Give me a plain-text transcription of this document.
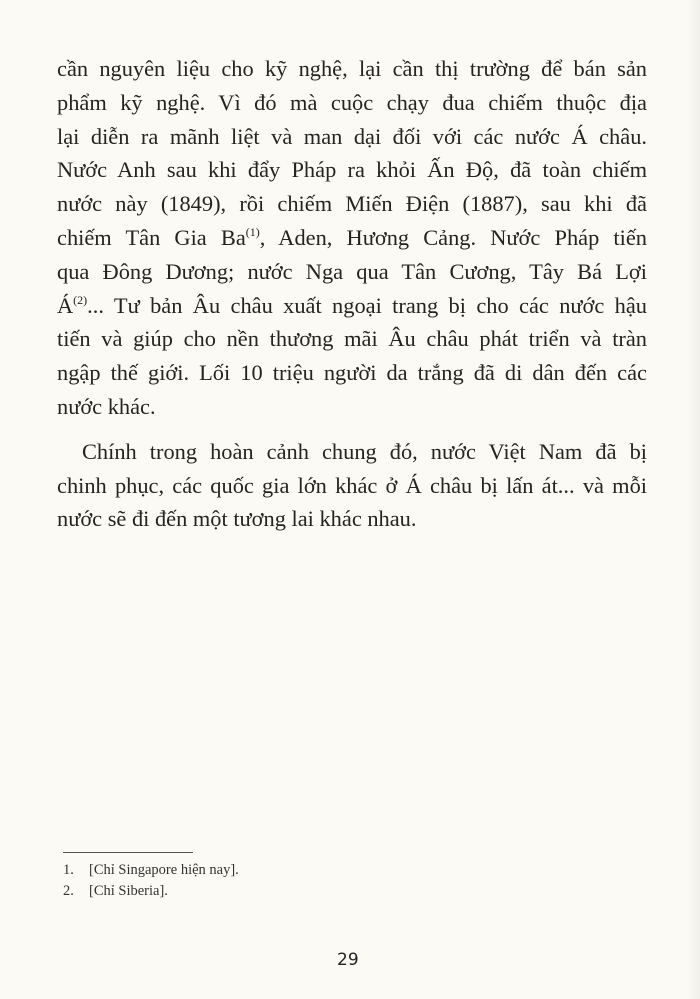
cần nguyên liệu cho kỹ nghệ, lại cần thị trường để bán sản
phẩm kỹ nghệ. Vì đó mà cuộc chạy đua chiếm thuộc địa
lại diễn ra mãnh liệt và man dại đối với các nước Á châu.
Nước Anh sau khi đẩy Pháp ra khỏi Ấn Độ, đã toàn chiếm
nước này (1849), rồi chiếm Miến Điện (1887), sau khi đã
chiếm Tân Gia Ba$^{(1)}$, Aden, Hương Cảng. Nước Pháp tiến
qua Đông Dương; nước Nga qua Tân Cương, Tây Bá Lợi
$Á^{(2)}$... Tư bản Âu châu xuất ngoại trang bị cho các nước hậu
tiến và giúp cho nền thương mãi Âu châu phát triển và tràn
ngập thế giới. Lối 10 triệu người da trắng đã di dân đến các
nước khác.

Chính trong hoàn cảnh chung đó, nước Việt Nam đã bị
chinh phục, các quốc gia lớn khác ở Á châu bị lấn át... và mỗi
nước sẽ đi đến một tương lai khác nhau.

1. [Chỉ Singapore hiện nay].
2. [Chỉ Siberia].
29
